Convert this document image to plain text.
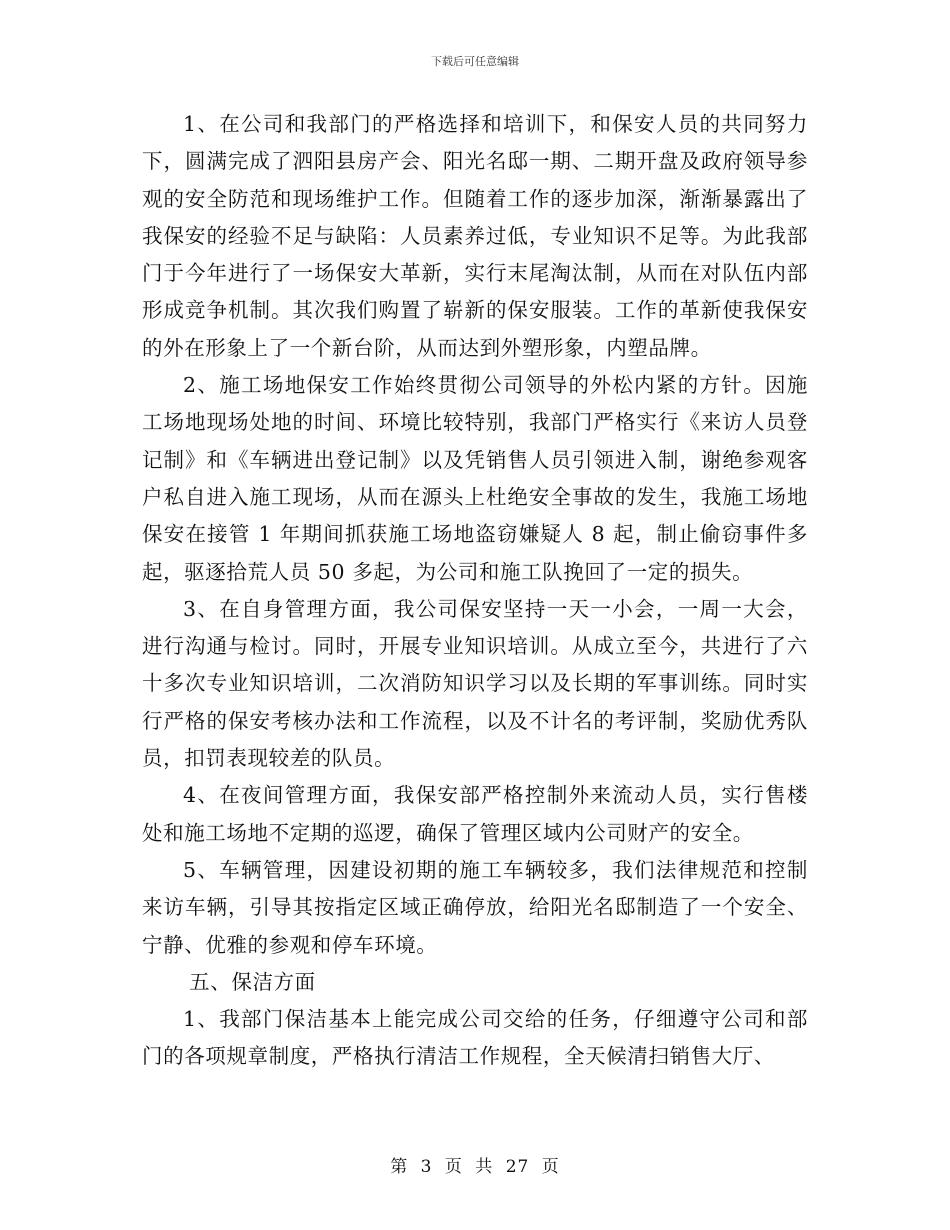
下载后可任意编辑

1、在公司和我部门的严格选择和培训下，和保安人员的共同努力下，圆满完成了泗阳县房产会、阳光名邸一期、二期开盘及政府领导参观的安全防范和现场维护工作。但随着工作的逐步加深，渐渐暴露出了我保安的经验不足与缺陷：人员素养过低，专业知识不足等。为此我部门于今年进行了一场保安大革新，实行末尾淘汰制，从而在对队伍内部形成竞争机制。其次我们购置了崭新的保安服装。工作的革新使我保安的外在形象上了一个新台阶，从而达到外塑形象，内塑品牌。

2、施工场地保安工作始终贯彻公司领导的外松内紧的方针。因施工场地现场处地的时间、环境比较特别，我部门严格实行《来访人员登记制》和《车辆进出登记制》以及凭销售人员引领进入制，谢绝参观客户私自进入施工现场，从而在源头上杜绝安全事故的发生，我施工场地保安在接管 1 年期间抓获施工场地盗窃嫌疑人 8 起，制止偷窃事件多起，驱逐拾荒人员 50 多起，为公司和施工队挽回了一定的损失。

3、在自身管理方面，我公司保安坚持一天一小会，一周一大会，进行沟通与检讨。同时，开展专业知识培训。从成立至今，共进行了六十多次专业知识培训，二次消防知识学习以及长期的军事训练。同时实行严格的保安考核办法和工作流程，以及不计名的考评制，奖励优秀队员，扣罚表现较差的队员。

4、在夜间管理方面，我保安部严格控制外来流动人员，实行售楼处和施工场地不定期的巡逻，确保了管理区域内公司财产的安全。

5、车辆管理，因建设初期的施工车辆较多，我们法律规范和控制来访车辆，引导其按指定区域正确停放，给阳光名邸制造了一个安全、宁静、优雅的参观和停车环境。

五、保洁方面

1、我部门保洁基本上能完成公司交给的任务，仔细遵守公司和部门的各项规章制度，严格执行清洁工作规程，全天候清扫销售大厅、

第 3 页 共 27 页
